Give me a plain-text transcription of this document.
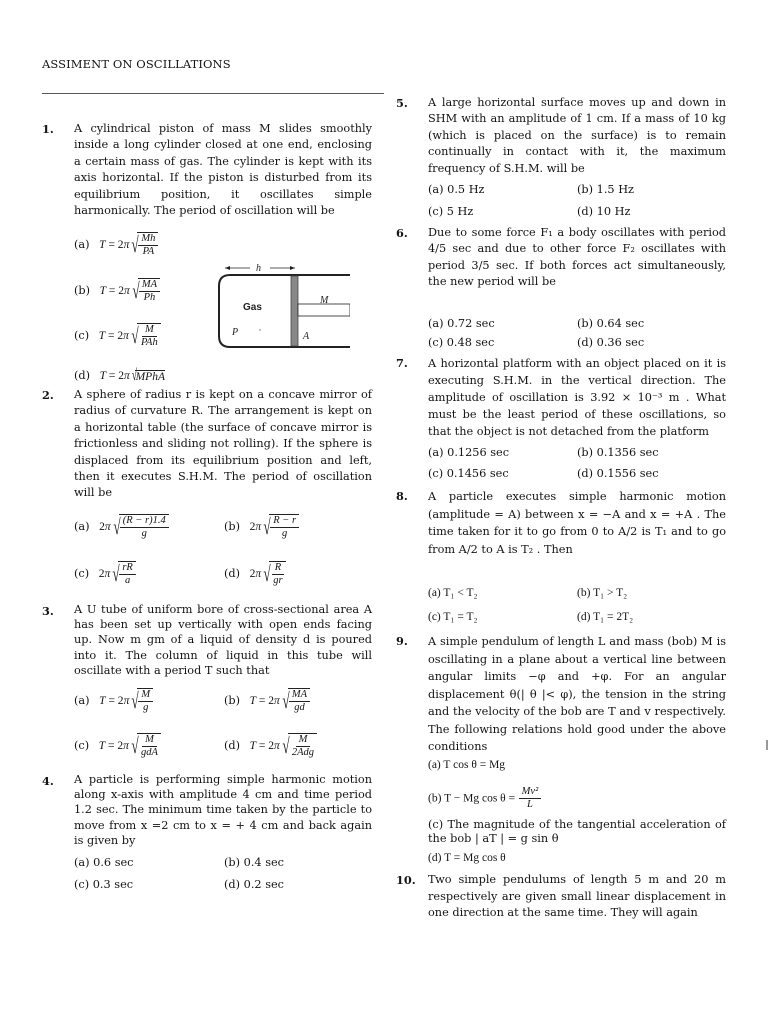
ASSIMENT ON OSCILLATIONS
1. A cylindrical piston of mass M slides smoothly inside a long cylinder closed at one end, enclosing a certain mass of gas. The cylinder is kept with its axis horizontal. If the piston is disturbed from its equilibrium position, it oscillates simple harmonically. The period of oscillation will be
(a) T = 2π √ $\frac{Mh}{PA}$
(b) T = 2π √ $\frac{MA}{Ph}$
(c) T = 2π √ M
PAh
(d) T = 2π √
MPhA
h
Gas
M
P	A
2. A sphere of radius r is kept on a concave mirror of radius of curvature R. The arrangement is kept on a horizontal table (the surface of concave mirror is frictionless and sliding not rolling). If the sphere is displaced from its equilibrium position and left, then it executes S.H.M. The period of oscillation will be
(a) 2π √ $\frac{(R - r)1.4}{g}$	(b) 2π √ $\frac{R - r}{g}$
(c) 2π √ $\frac{rR}{a}$	(d) 2π √ $\frac{R}{gr}$
3. A U tube of uniform bore of cross-sectional area A has been set up vertically with open ends facing up. Now m gm of a liquid of density d is poured into it. The column of liquid in this tube will oscillate with a period T such that
(a) T = 2π √ $\frac{M}{g}$	(b) T = 2π √ $\frac{MA}{gd}$
(c) T = 2π √ M
gdA
(d) T = 2π √ M
2Adg
4. A particle is performing simple harmonic motion along x-axis with amplitude 4 cm and time period 1.2 sec. The minimum time taken by the particle to move from x =2 cm to x = + 4 cm and back again is given by
(a) 0.6 sec	(b) 0.4 sec
(c) 0.3 sec	(d) 0.2 sec
5. A large horizontal surface moves up and down in SHM with an amplitude of 1 cm. If a mass of 10 kg (which is placed on the surface) is to remain continually in contact with it, the maximum frequency of S.H.M. will be
(a) 0.5 Hz	(b) 1.5 Hz
(c) 5 Hz	(d) 10 Hz
6. Due to some force F₁ a body oscillates with period 4/5 sec and due to other force F₂ oscillates with period 3/5 sec. If both forces act simultaneously, the new period will be
(a) 0.72 sec	(b) 0.64 sec
(c) 0.48 sec	(d) 0.36 sec
7. A horizontal platform with an object placed on it is executing S.H.M. in the vertical direction. The amplitude of oscillation is 3.92 × 10⁻³ m . What must be the least period of these oscillations, so that the object is not detached from the platform
(a) 0.1256 sec	(b) 0.1356 sec
(c) 0.1456 sec	(d) 0.1556 sec
8. A particle executes simple harmonic motion (amplitude = A) between x = −A and x = +A . The time taken for it to go from 0 to A/2 is T₁ and to go from A/2 to A is T₂ . Then
(a) T₁ < T₂	(b) T₁ > T₂
(c) T₁ = T₂	(d) T₁ = 2T₂
9. A simple pendulum of length L and mass (bob) M is oscillating in a plane about a vertical line between angular limits −φ and +φ. For an angular displacement θ(| θ |< φ), the tension in the string and the velocity of the bob are T and v respectively. The following relations hold good under the above conditions
(a) T cos θ = Mg
(b) T − Mg $\cos \theta = \frac{\text{Mv²}}{L}$
(c) The magnitude of the tangential acceleration of the bob | aT | = g sin θ
(d) T = Mg cos θ
10. Two simple pendulums of length 5 m and 20 m respectively are given small linear displacement in one direction at the same time. They will again
